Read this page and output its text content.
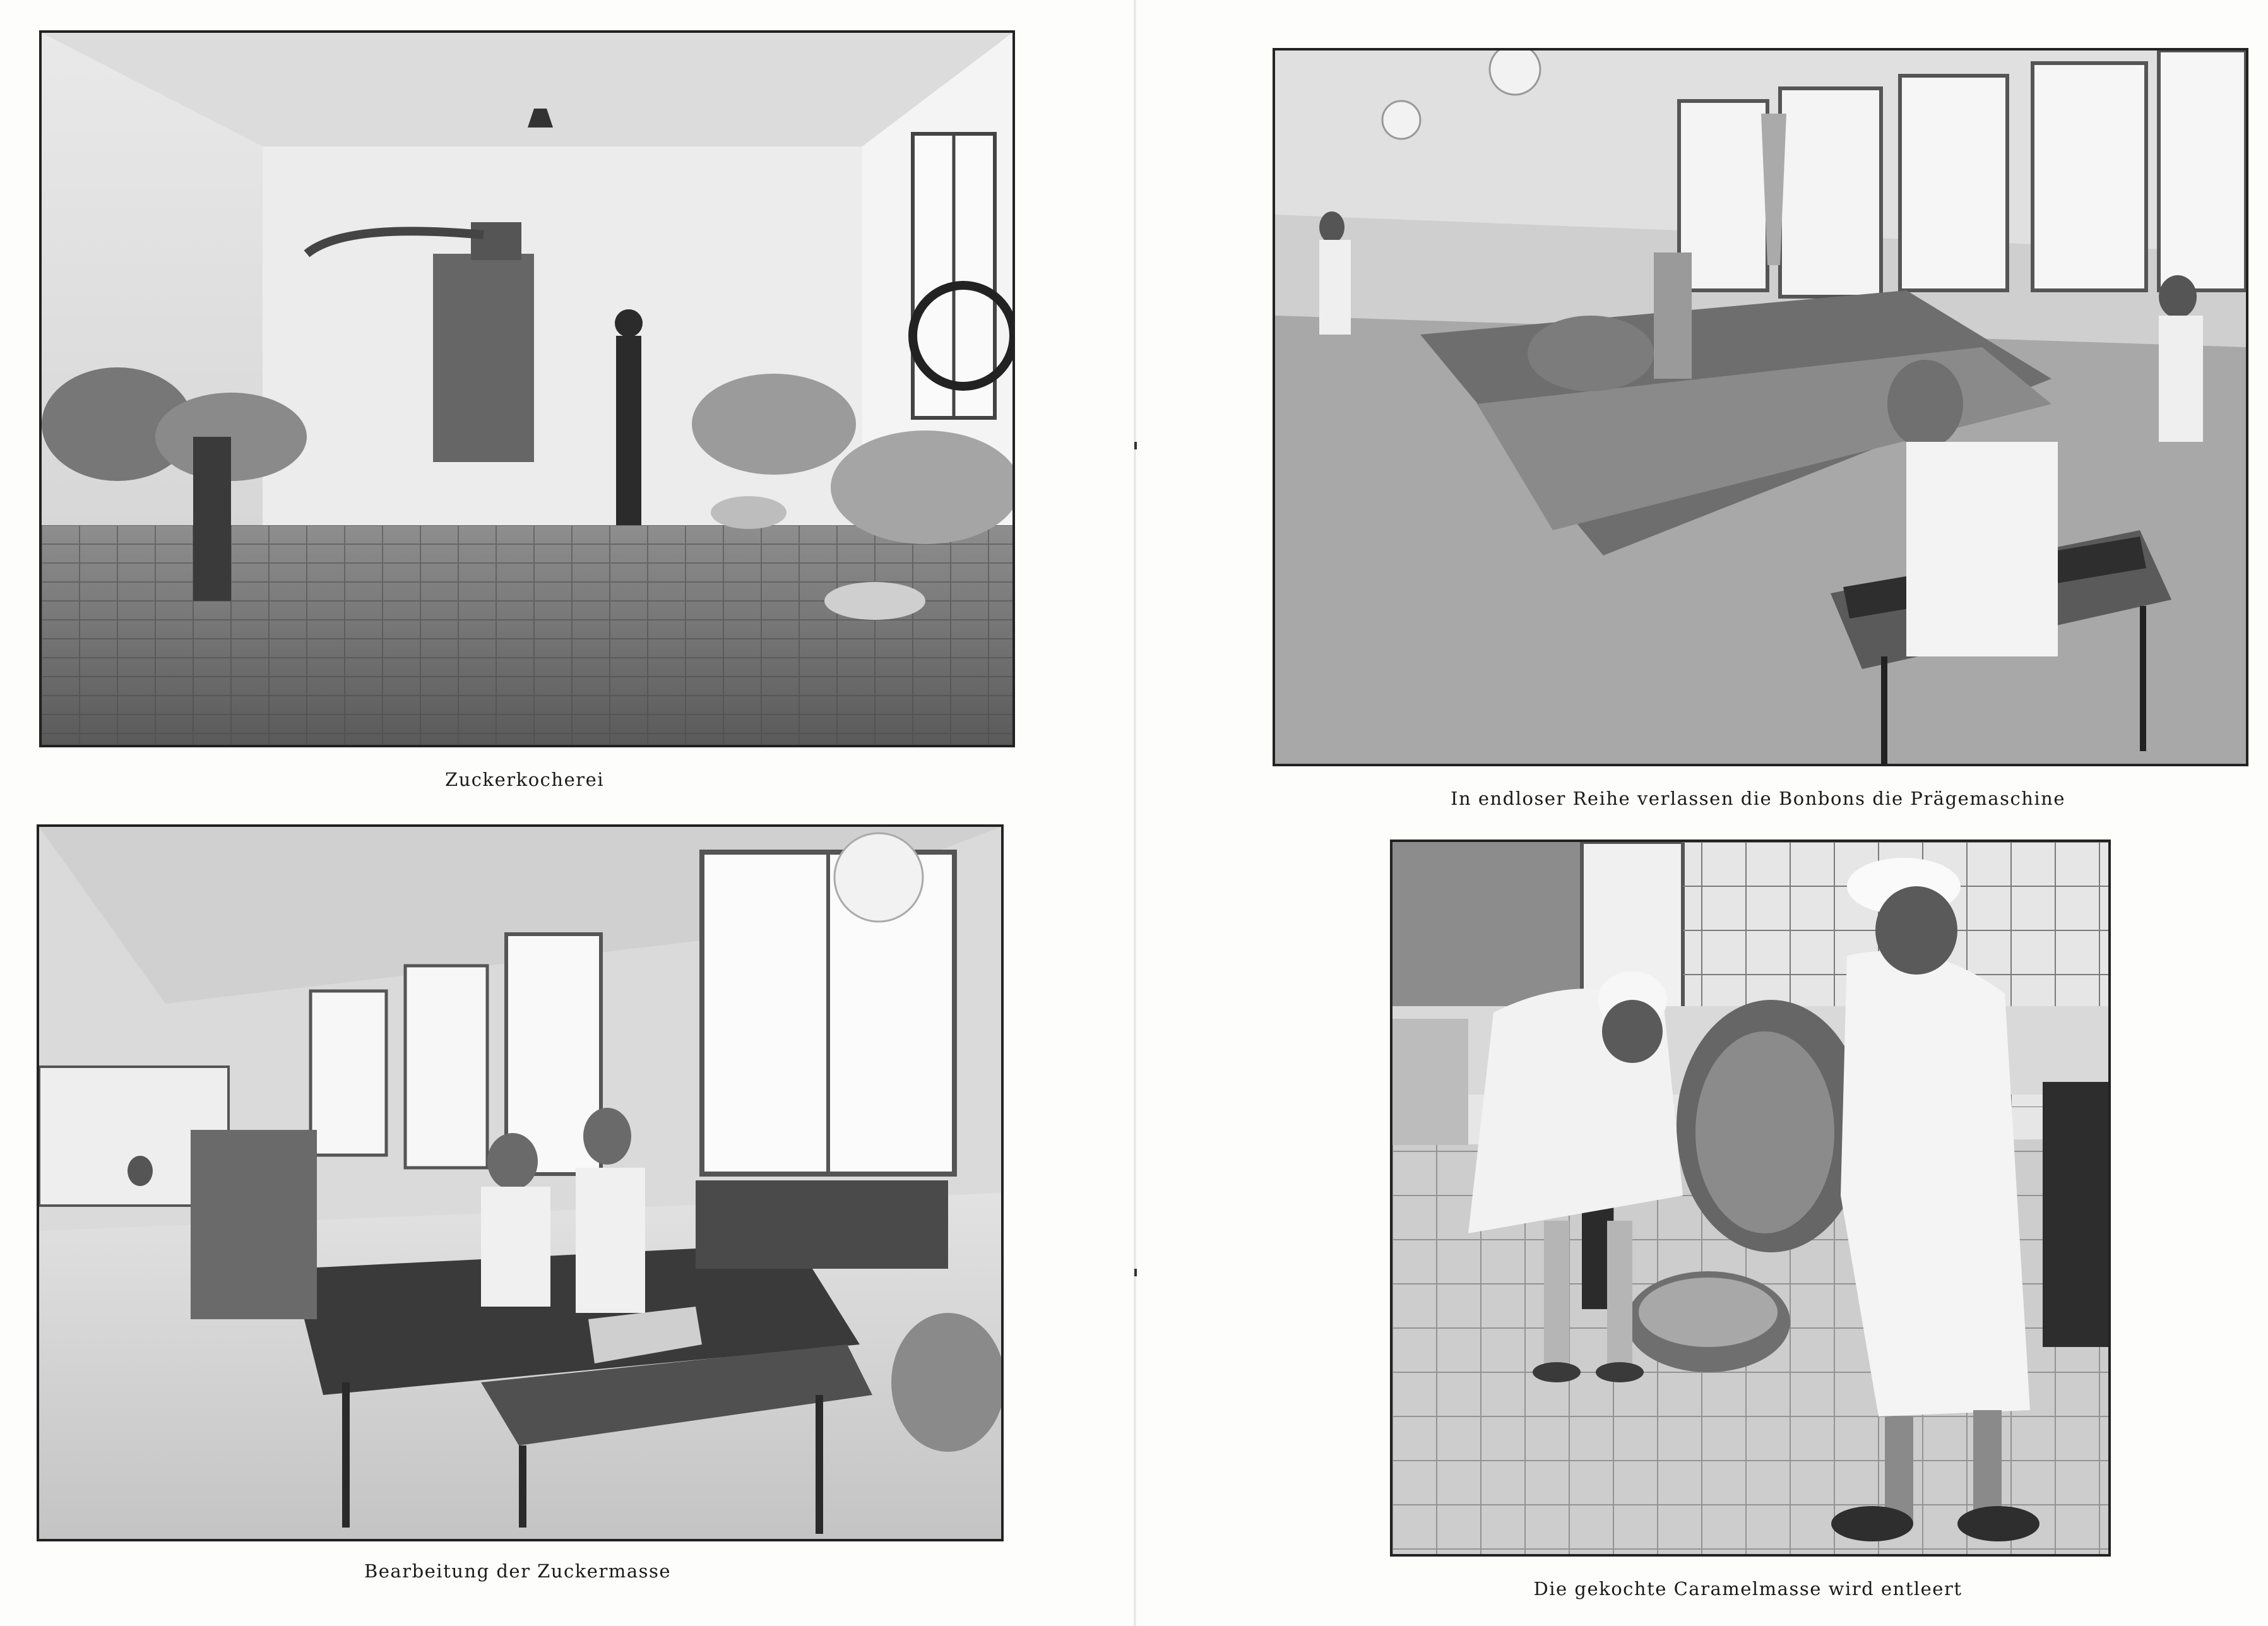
Zuckerkocherei
Bearbeitung der Zuckermasse
In endloser Reihe verlassen die Bonbons die Prägemaschine
Die gekochte Caramelmasse wird entleert
